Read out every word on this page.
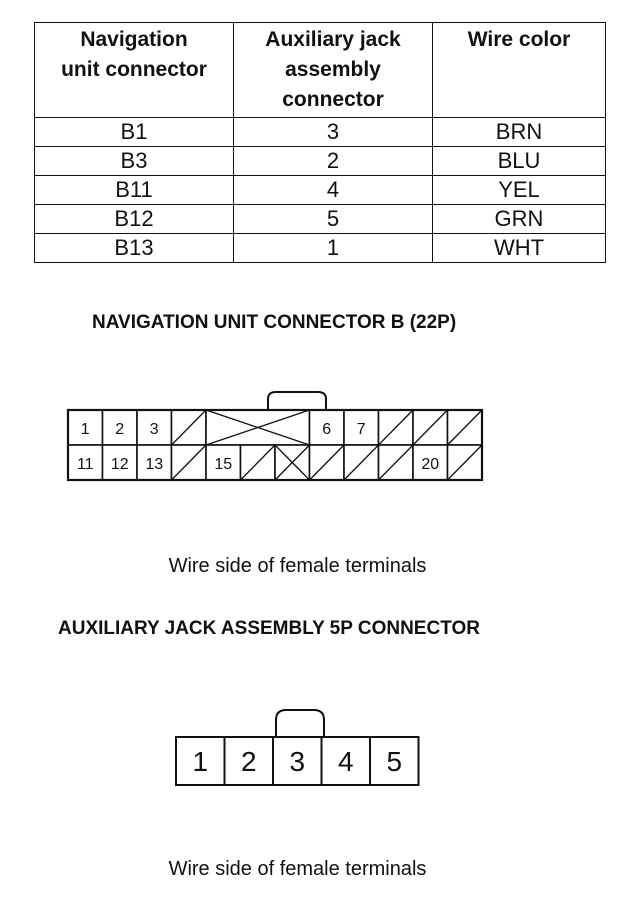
Navigation
unit connector	Auxiliary jack
assembly
connector	Wire color
B1	3	BRN
B3	2	BLU
B11	4	YEL
B12	5	GRN
B13	1	WHT
NAVIGATION UNIT CONNECTOR B (22P)
1 2 3	6 7
11 12 13	15	20
Wire side of female terminals
AUXILIARY JACK ASSEMBLY 5P CONNECTOR
1 2 3 4 5
Wire side of female terminals
